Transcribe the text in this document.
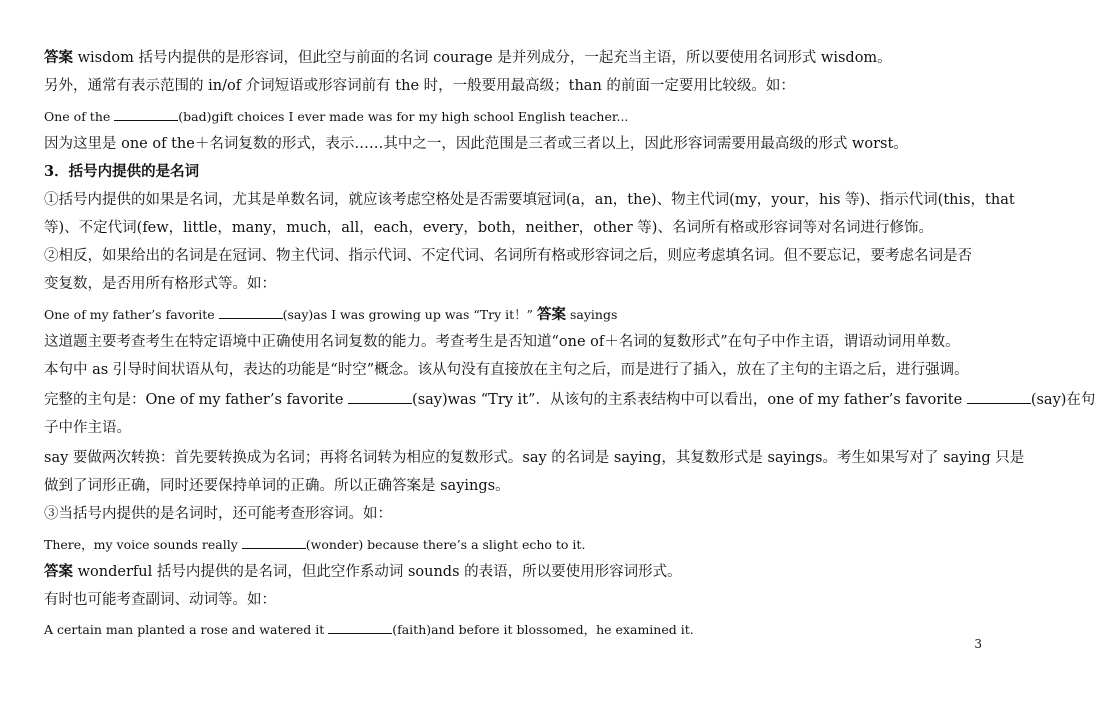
答案 wisdom 括号内提供的是形容词，但此空与前面的名词 courage 是并列成分，一起充当主语，所以要使用名词形式 wisdom。
另外，通常有表示范围的 in/of 介词短语或形容词前有 the 时，一般要用最高级；than 的前面一定要用比较级。如：
One of the	(bad)gift choices I ever made was for my high school English teacher...
因为这里是 one of the＋名词复数的形式，表示……其中之一，因此范围是三者或三者以上，因此形容词需要用最高级的形式 worst。
3．括号内提供的是名词
①括号内提供的如果是名词，尤其是单数名词，就应该考虑空格处是否需要填冠词(a，an，the)、物主代词(my，your，his 等)、指示代词(this，that
等)、不定代词(few，little，many，much，all，each，every，both，neither，other 等)、名词所有格或形容词等对名词进行修饰。
②相反，如果给出的名词是在冠词、物主代词、指示代词、不定代词、名词所有格或形容词之后，则应考虑填名词。但不要忘记，要考虑名词是否
变复数，是否用所有格形式等。如：
One of my father’s favorite	(say)as I was growing up was “Try it！” 答案 sayings
这道题主要考查考生在特定语境中正确使用名词复数的能力。考查考生是否知道“one of＋名词的复数形式”在句子中作主语，谓语动词用单数。
本句中 as 引导时间状语从句，表达的功能是“时空”概念。该从句没有直接放在主句之后，而是进行了插入，放在了主句的主语之后，进行强调。
完整的主句是：One of my father’s favorite	(say)was “Try it”．从该句的主系表结构中可以看出，one of my father’s favorite	(say)在句
子中作主语。
say 要做两次转换：首先要转换成为名词；再将名词转为相应的复数形式。say 的名词是 saying，其复数形式是 sayings。考生如果写对了 saying 只是
做到了词形正确，同时还要保持单词的正确。所以正确答案是 sayings。
③当括号内提供的是名词时，还可能考查形容词。如：
There，my voice sounds really	(wonder) because there’s a slight echo to it.
答案 wonderful 括号内提供的是名词，但此空作系动词 sounds 的表语，所以要使用形容词形式。
有时也可能考查副词、动词等。如：
A certain man planted a rose and watered it	(faith)and before it blossomed，he examined it.
3
